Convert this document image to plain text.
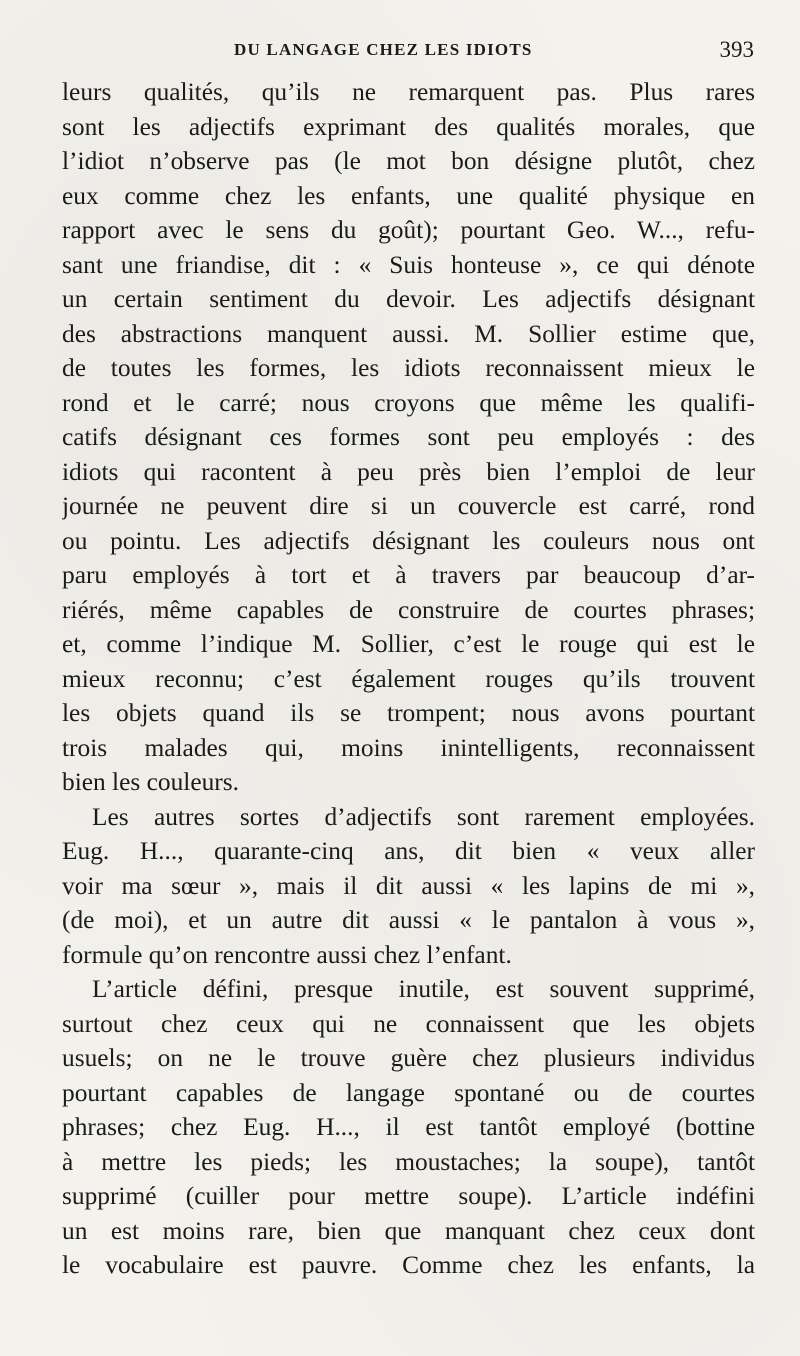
DU LANGAGE CHEZ LES IDIOTS	393
leurs qualités, qu’ils ne remarquent pas. Plus rares
sont les adjectifs exprimant des qualités morales, que
l’idiot n’observe pas (le mot bon désigne plutôt, chez
eux comme chez les enfants, une qualité physique en
rapport avec le sens du goût); pourtant Geo. W..., refu-
sant une friandise, dit : « Suis honteuse », ce qui dénote
un certain sentiment du devoir. Les adjectifs désignant
des abstractions manquent aussi. M. Sollier estime que,
de toutes les formes, les idiots reconnaissent mieux le
rond et le carré; nous croyons que même les qualifi-
catifs désignant ces formes sont peu employés : des
idiots qui racontent à peu près bien l’emploi de leur
journée ne peuvent dire si un couvercle est carré, rond
ou pointu. Les adjectifs désignant les couleurs nous ont
paru employés à tort et à travers par beaucoup d’ar-
riérés, même capables de construire de courtes phrases;
et, comme l’indique M. Sollier, c’est le rouge qui est le
mieux reconnu; c’est également rouges qu’ils trouvent
les objets quand ils se trompent; nous avons pourtant
trois malades qui, moins inintelligents, reconnaissent
bien les couleurs.
Les autres sortes d’adjectifs sont rarement employées.
Eug. H..., quarante-cinq ans, dit bien « veux aller
voir ma sœur », mais il dit aussi « les lapins de mi »,
(de moi), et un autre dit aussi « le pantalon à vous »,
formule qu’on rencontre aussi chez l’enfant.
L’article défini, presque inutile, est souvent supprimé,
surtout chez ceux qui ne connaissent que les objets
usuels; on ne le trouve guère chez plusieurs individus
pourtant capables de langage spontané ou de courtes
phrases; chez Eug. H..., il est tantôt employé (bottine
à mettre les pieds; les moustaches; la soupe), tantôt
supprimé (cuiller pour mettre soupe). L’article indéfini
un est moins rare, bien que manquant chez ceux dont
le vocabulaire est pauvre. Comme chez les enfants, la
